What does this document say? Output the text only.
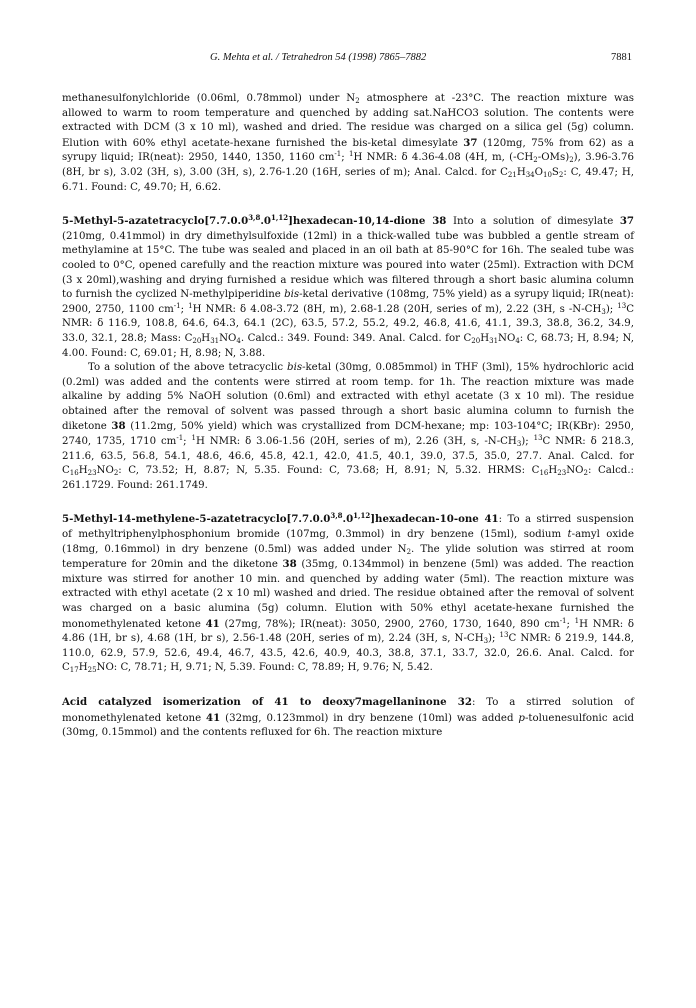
G. Mehta et al. / Tetrahedron 54 (1998) 7865–7882	7881

methanesulfonylchloride (0.06ml, 0.78mmol) under $N_2$ atmosphere at -23°C. The reaction mixture was allowed to warm to room temperature and quenched by adding sat.NaHCO3 solution. The contents were extracted with DCM (3 x 10 ml), washed and dried. The residue was charged on a silica gel (5g) column. Elution with 60% ethyl acetate-hexane furnished the bis-ketal dimesylate 37 (120mg, 75% from 62) as a syrupy liquid; IR(neat): 2950, 1440, 1350, 1160 $cm^{-1}$; $^1$H NMR: δ 4.36-4.08 (4H, m, $(-CH_2-OMs)_2$), 3.96-3.76 (8H, br s), 3.02 (3H, s), 3.00 (3H, s), 2.76-1.20 (16H, series of m); Anal. Calcd. for $C_{21}H_{34}O_{10}S_2$: C, 49.47; H, 6.71. Found: C, 49.70; H, 6.62.

5-Methyl-5-azatetracyclo[7.7.0.0$^{3,8}$.0$^{1,12}$]hexadecan-10,14-dione 38 Into a solution of dimesylate 37 (210mg, 0.41mmol) in dry dimethylsulfoxide (12ml) in a thick-walled tube was bubbled a gentle stream of methylamine at 15°C. The tube was sealed and placed in an oil bath at 85-90°C for 16h. The sealed tube was cooled to 0°C, opened carefully and the reaction mixture was poured into water (25ml). Extraction with DCM (3 x 20ml),washing and drying furnished a residue which was filtered through a short basic alumina column to furnish the cyclized N-methylpiperidine bis-ketal derivative (108mg, 75% yield) as a syrupy liquid; IR(neat): 2900, 2750, 1100 $cm^{-1}$; $^1$H NMR: δ 4.08-3.72 (8H, m), 2.68-1.28 (20H, series of m), 2.22 (3H, s $-N-CH_3$); $^{13}$C NMR: δ 116.9, 108.8, 64.6, 64.3, 64.1 (2C), 63.5, 57.2, 55.2, 49.2, 46.8, 41.6, 41.1, 39.3, 38.8, 36.2, 34.9, 33.0, 32.1, 28.8; Mass: $C_{20}H_{31}NO_4$. Calcd.: 349. Found: 349. Anal. Calcd. for $C_{20}H_{31}NO_4$: C, 68.73; H, 8.94; N, 4.00. Found: C, 69.01; H, 8.98; N, 3.88.

To a solution of the above tetracyclic bis-ketal (30mg, 0.085mmol) in THF (3ml), 15% hydrochloric acid (0.2ml) was added and the contents were stirred at room temp. for 1h. The reaction mixture was made alkaline by adding 5% NaOH solution (0.6ml) and extracted with ethyl acetate (3 x 10 ml). The residue obtained after the removal of solvent was passed through a short basic alumina column to furnish the diketone 38 (11.2mg, 50% yield) which was crystallized from DCM-hexane; mp: 103-104°C; IR(KBr): 2950, 2740, 1735, 1710 $cm^{-1}$; $^1$H NMR: δ 3.06-1.56 (20H, series of m), 2.26 (3H, s, $-N-CH_3$); $^{13}$C NMR: δ 218.3, 211.6, 63.5, 56.8, 54.1, 48.6, 46.6, 45.8, 42.1, 42.0, 41.5, 40.1, 39.0, 37.5, 35.0, 27.7. Anal. Calcd. for $C_{16}H_{23}NO_2$: C, 73.52; H, 8.87; N, 5.35. Found: C, 73.68; H, 8.91; N, 5.32. HRMS: $C_{16}H_{23}NO_2$: Calcd.: 261.1729. Found: 261.1749.

5-Methyl-14-methylene-5-azatetracyclo[7.7.0.0$^{3,8}$.0$^{1,12}$]hexadecan-10-one 41: To a stirred suspension of methyltriphenylphosphonium bromide (107mg, 0.3mmol) in dry benzene (15ml), sodium t-amyl oxide (18mg, 0.16mmol) in dry benzene (0.5ml) was added under $N_2$. The ylide solution was stirred at room temperature for 20min and the diketone 38 (35mg, 0.134mmol) in benzene (5ml) was added. The reaction mixture was stirred for another 10 min. and quenched by adding water (5ml). The reaction mixture was extracted with ethyl acetate (2 x 10 ml) washed and dried. The residue obtained after the removal of solvent was charged on a basic alumina (5g) column. Elution with 50% ethyl acetate-hexane furnished the monomethylenated ketone 41 (27mg, 78%); IR(neat): 3050, 2900, 2760, 1730, 1640, 890 $cm^{-1}$; $^1$H NMR: δ 4.86 (1H, br s), 4.68 (1H, br s), 2.56-1.48 (20H, series of m), 2.24 (3H, s, $N-CH_3$); $^{13}$C NMR: δ 219.9, 144.8, 110.0, 62.9, 57.9, 52.6, 49.4, 46.7, 43.5, 42.6, 40.9, 40.3, 38.8, 37.1, 33.7, 32.0, 26.6. Anal. Calcd. for $C_{17}H_{25}NO$: C, 78.71; H, 9.71; N, 5.39. Found: C, 78.89; H, 9.76; N, 5.42.

Acid catalyzed isomerization of 41 to deoxy7magellaninone 32: To a stirred solution of monomethylenated ketone 41 (32mg, 0.123mmol) in dry benzene (10ml) was added p-toluenesulfonic acid (30mg, 0.15mmol) and the contents refluxed for 6h. The reaction mixture
